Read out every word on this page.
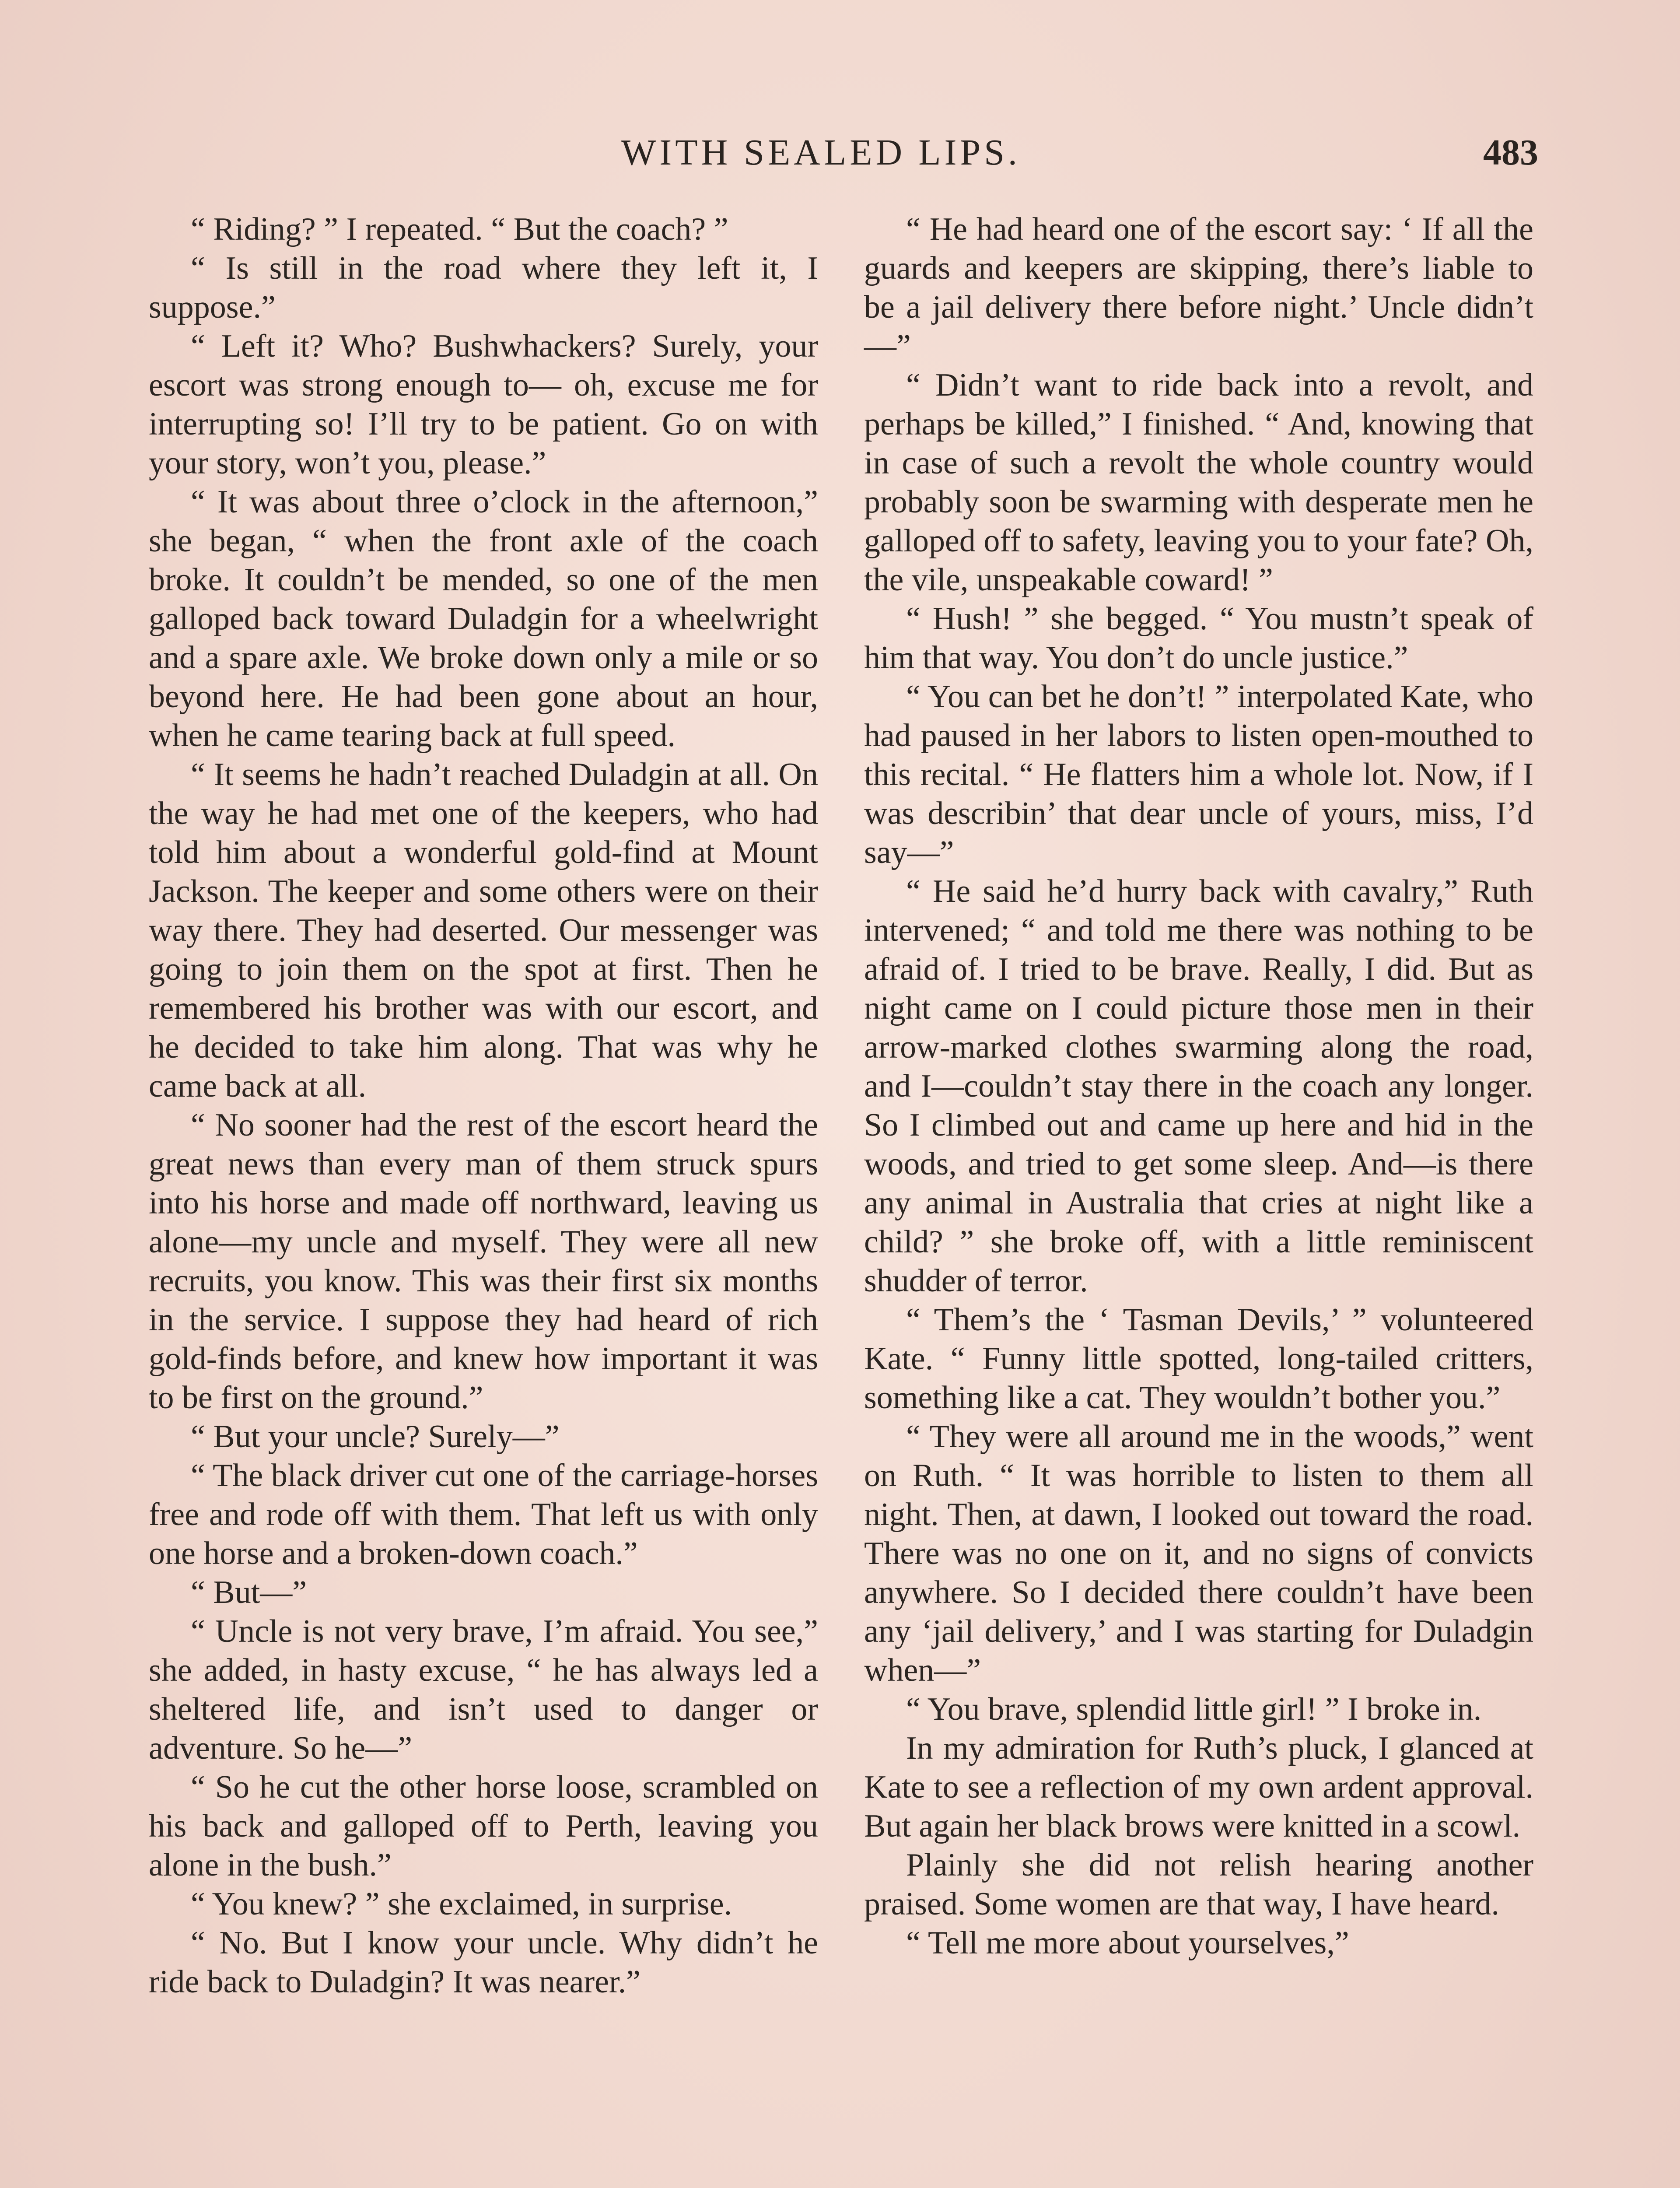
WITH SEALED LIPS.	483

“ Riding? ” I repeated. “ But the coach? ”

“ Is still in the road where they left it, I suppose.”

“ Left it? Who? Bushwhackers? Surely, your escort was strong enough to— oh, excuse me for interrupting so! I’ll try to be patient. Go on with your story, won’t you, please.”

“ It was about three o’clock in the afternoon,” she began, “ when the front axle of the coach broke. It couldn’t be mended, so one of the men galloped back toward Duladgin for a wheelwright and a spare axle. We broke down only a mile or so beyond here. He had been gone about an hour, when he came tearing back at full speed.

“ It seems he hadn’t reached Duladgin at all. On the way he had met one of the keepers, who had told him about a wonderful gold-find at Mount Jackson. The keeper and some others were on their way there. They had deserted. Our messenger was going to join them on the spot at first. Then he remembered his brother was with our escort, and he decided to take him along. That was why he came back at all.

“ No sooner had the rest of the escort heard the great news than every man of them struck spurs into his horse and made off northward, leaving us alone—my uncle and myself. They were all new recruits, you know. This was their first six months in the service. I suppose they had heard of rich gold-finds before, and knew how important it was to be first on the ground.”

“ But your uncle? Surely—”

“ The black driver cut one of the carriage-horses free and rode off with them. That left us with only one horse and a broken-down coach.”

“ But—”

“ Uncle is not very brave, I’m afraid. You see,” she added, in hasty excuse, “ he has always led a sheltered life, and isn’t used to danger or adventure. So he—”

“ So he cut the other horse loose, scrambled on his back and galloped off to Perth, leaving you alone in the bush.”

“ You knew? ” she exclaimed, in surprise.

“ No. But I know your uncle. Why didn’t he ride back to Duladgin? It was nearer.”

“ He had heard one of the escort say: ‘ If all the guards and keepers are skipping, there’s liable to be a jail delivery there before night.’ Uncle didn’t—”

“ Didn’t want to ride back into a revolt, and perhaps be killed,” I finished. “ And, knowing that in case of such a revolt the whole country would probably soon be swarming with desperate men he galloped off to safety, leaving you to your fate? Oh, the vile, unspeakable coward! ”

“ Hush! ” she begged. “ You mustn’t speak of him that way. You don’t do uncle justice.”

“ You can bet he don’t! ” interpolated Kate, who had paused in her labors to listen open-mouthed to this recital. “ He flatters him a whole lot. Now, if I was describin’ that dear uncle of yours, miss, I’d say—”

“ He said he’d hurry back with cavalry,” Ruth intervened; “ and told me there was nothing to be afraid of. I tried to be brave. Really, I did. But as night came on I could picture those men in their arrow-marked clothes swarming along the road, and I—couldn’t stay there in the coach any longer. So I climbed out and came up here and hid in the woods, and tried to get some sleep. And—is there any animal in Australia that cries at night like a child? ” she broke off, with a little reminiscent shudder of terror.

“ Them’s the ‘ Tasman Devils,’ ” volunteered Kate. “ Funny little spotted, long-tailed critters, something like a cat. They wouldn’t bother you.”

“ They were all around me in the woods,” went on Ruth. “ It was horrible to listen to them all night. Then, at dawn, I looked out toward the road. There was no one on it, and no signs of convicts anywhere. So I decided there couldn’t have been any ‘jail delivery,’ and I was starting for Duladgin when—”

“ You brave, splendid little girl! ” I broke in.

In my admiration for Ruth’s pluck, I glanced at Kate to see a reflection of my own ardent approval. But again her black brows were knitted in a scowl.

Plainly she did not relish hearing another praised. Some women are that way, I have heard.

“ Tell me more about yourselves,”
